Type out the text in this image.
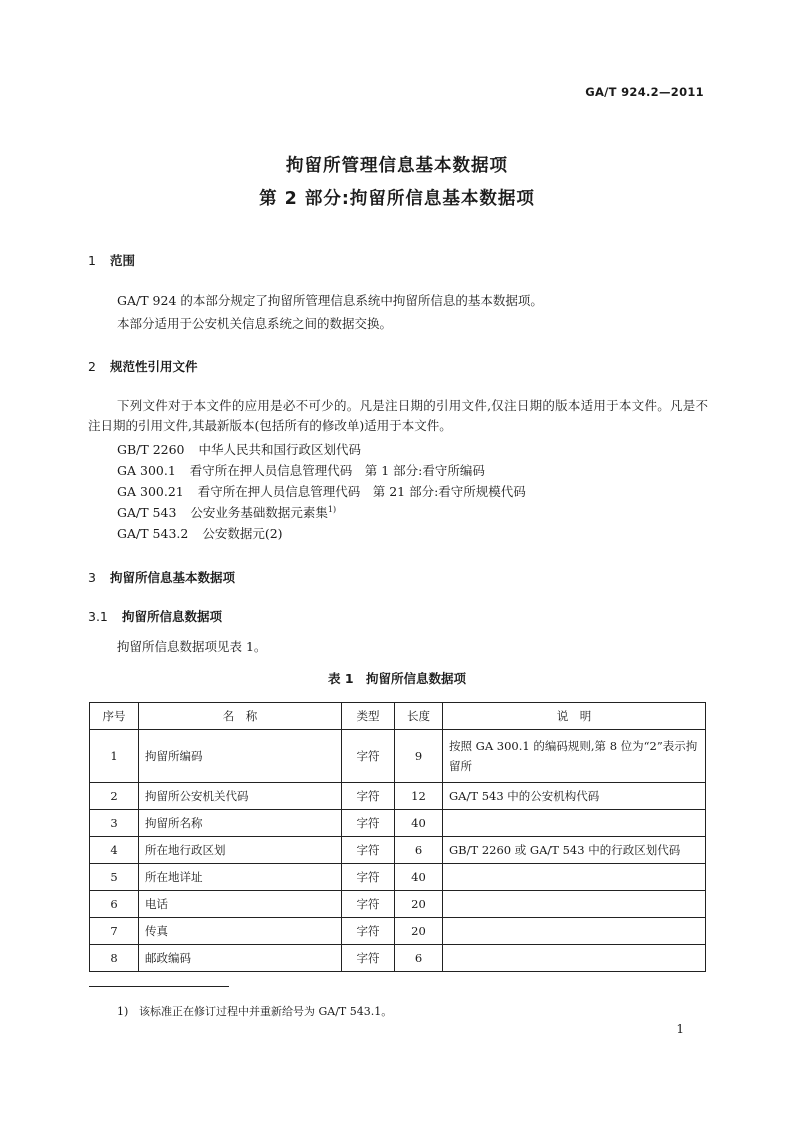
GA/T 924.2—2011
拘留所管理信息基本数据项
第 2 部分:拘留所信息基本数据项
1 范围
GA/T 924 的本部分规定了拘留所管理信息系统中拘留所信息的基本数据项。
本部分适用于公安机关信息系统之间的数据交换。
2 规范性引用文件
下列文件对于本文件的应用是必不可少的。凡是注日期的引用文件,仅注日期的版本适用于本文件。凡是不注日期的引用文件,其最新版本(包括所有的修改单)适用于本文件。
GB/T 2260 中华人民共和国行政区划代码
GA 300.1 看守所在押人员信息管理代码　第 1 部分:看守所编码
GA 300.21 看守所在押人员信息管理代码　第 21 部分:看守所规模代码
GA/T 543 公安业务基础数据元素集$^{1)}$
GA/T 543.2 公安数据元(2)
3 拘留所信息基本数据项
3.1 拘留所信息数据项
拘留所信息数据项见表 1。
表 1　拘留所信息数据项
序号	名　称	类型	长度	说　明
1	拘留所编码	字符	9	按照 GA 300.1 的编码规则,第 8 位为“2”表示拘留所
2	拘留所公安机关代码	字符	12	GA/T 543 中的公安机构代码
3	拘留所名称	字符	40	
4	所在地行政区划	字符	6	GB/T 2260 或 GA/T 543 中的行政区划代码
5	所在地详址	字符	40	
6	电话	字符	20	
7	传真	字符	20	
8	邮政编码	字符	6	
1) 该标准正在修订过程中并重新给号为 GA/T 543.1。
1
